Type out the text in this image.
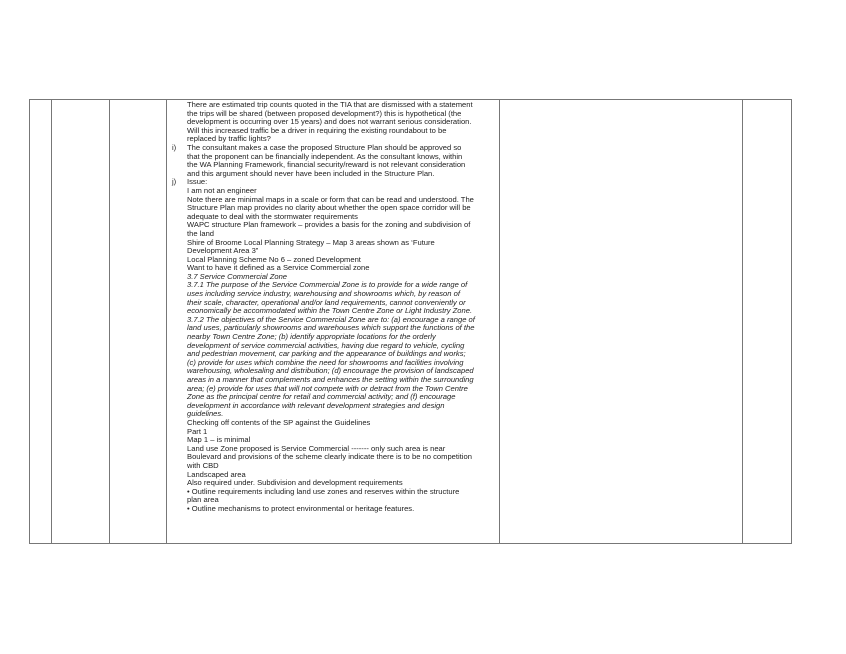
There are estimated trip counts quoted in the TIA that are dismissed with a statement
the trips will be shared (between proposed development?) this is hypothetical (the
development is occurring over 15 years) and does not warrant serious consideration.
Will this increased traffic be a driver in requiring the existing roundabout to be
replaced by traffic lights?
i) The consultant makes a case the proposed Structure Plan should be approved so
that the proponent can be financially independent. As the consultant knows, within
the WA Planning Framework, financial security/reward is not relevant consideration
and this argument should never have been included in the Structure Plan.
j) Issue:
I am not an engineer
Note there are minimal maps in a scale or form that can be read and understood. The
Structure Plan map provides no clarity about whether the open space corridor will be
adequate to deal with the stormwater requirements
WAPC structure Plan framework – provides a basis for the zoning and subdivision of
the land
Shire of Broome Local Planning Strategy – Map 3 areas shown as ‘Future
Development Area 3”
Local Planning Scheme No 6 – zoned Development
Want to have it defined as a Service Commercial zone
3.7 Service Commercial Zone
3.7.1 The purpose of the Service Commercial Zone is to provide for a wide range of
uses including service industry, warehousing and showrooms which, by reason of
their scale, character, operational and/or land requirements, cannot conveniently or
economically be accommodated within the Town Centre Zone or Light Industry Zone.
3.7.2 The objectives of the Service Commercial Zone are to: (a) encourage a range of
land uses, particularly showrooms and warehouses which support the functions of the
nearby Town Centre Zone; (b) identify appropriate locations for the orderly
development of service commercial activities, having due regard to vehicle, cycling
and pedestrian movement, car parking and the appearance of buildings and works;
(c) provide for uses which combine the need for showrooms and facilities involving
warehousing, wholesaling and distribution; (d) encourage the provision of landscaped
areas in a manner that complements and enhances the setting within the surrounding
area; (e) provide for uses that will not compete with or detract from the Town Centre
Zone as the principal centre for retail and commercial activity; and (f) encourage
development in accordance with relevant development strategies and design
guidelines.
Checking off contents of the SP against the Guidelines
Part 1
Map 1 – is minimal
Land use Zone proposed is Service Commercial ------- only such area is near
Boulevard and provisions of the scheme clearly indicate there is to be no competition
with CBD
Landscaped area
Also required under. Subdivision and development requirements
• Outline requirements including land use zones and reserves within the structure
plan area
• Outline mechanisms to protect environmental or heritage features.
